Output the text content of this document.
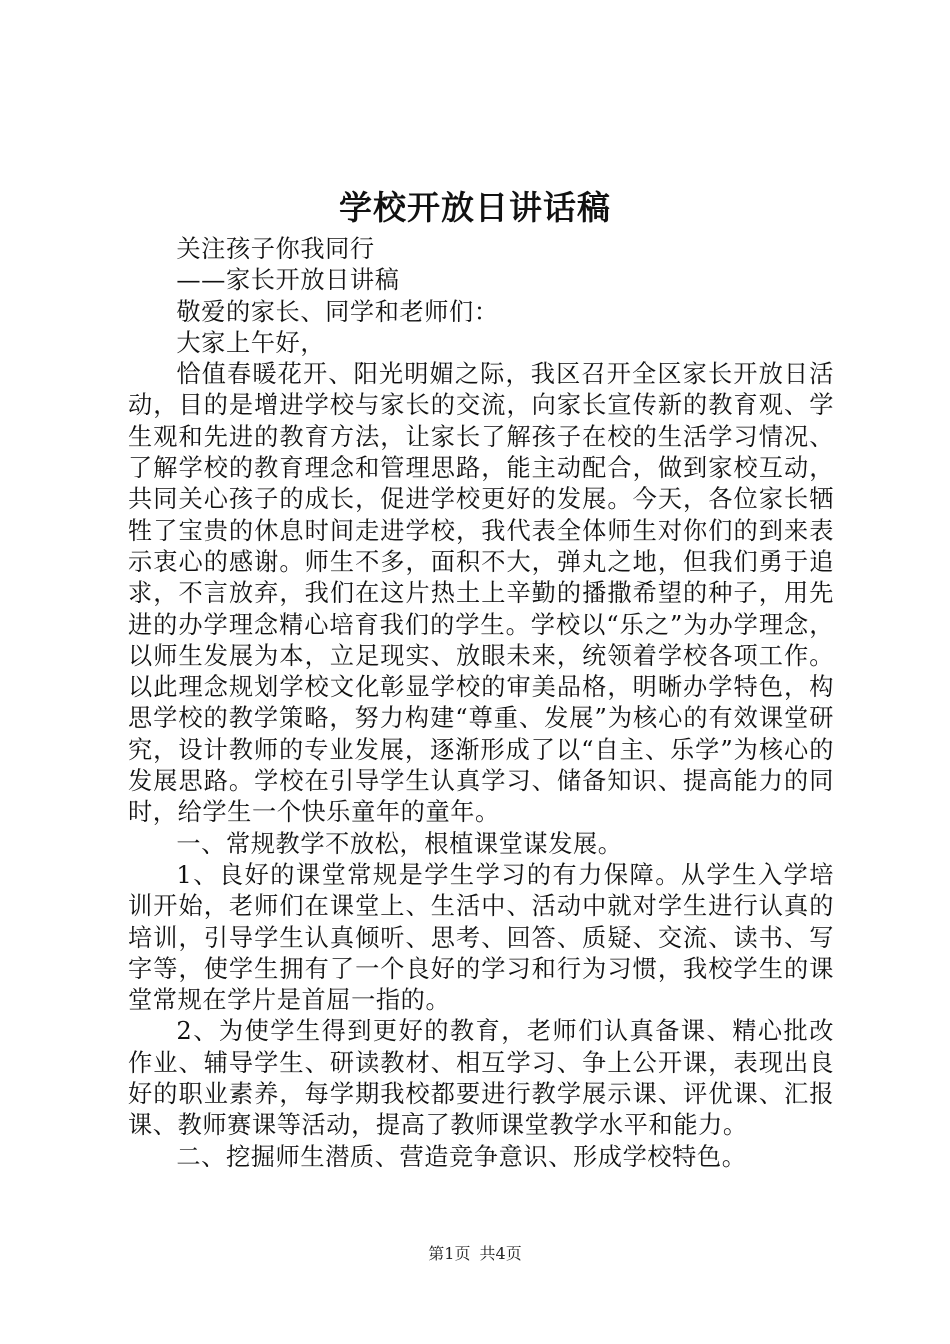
学校开放日讲话稿

关注孩子你我同行

——家长开放日讲稿

敬爱的家长、同学和老师们：

大家上午好，

恰值春暖花开、阳光明媚之际，我区召开全区家长开放日活动，目的是增进学校与家长的交流，向家长宣传新的教育观、学生观和先进的教育方法，让家长了解孩子在校的生活学习情况、了解学校的教育理念和管理思路，能主动配合，做到家校互动，共同关心孩子的成长，促进学校更好的发展。今天，各位家长牺牲了宝贵的休息时间走进学校，我代表全体师生对你们的到来表示衷心的感谢。师生不多，面积不大，弹丸之地，但我们勇于追求，不言放弃，我们在这片热土上辛勤的播撒希望的种子，用先进的办学理念精心培育我们的学生。学校以“乐之”为办学理念，以师生发展为本，立足现实、放眼未来，统领着学校各项工作。以此理念规划学校文化彰显学校的审美品格，明晰办学特色，构思学校的教学策略，努力构建“尊重、发展”为核心的有效课堂研究，设计教师的专业发展，逐渐形成了以“自主、乐学”为核心的发展思路。学校在引导学生认真学习、储备知识、提高能力的同时，给学生一个快乐童年的童年。

一、常规教学不放松，根植课堂谋发展。

1、良好的课堂常规是学生学习的有力保障。从学生入学培训开始，老师们在课堂上、生活中、活动中就对学生进行认真的培训，引导学生认真倾听、思考、回答、质疑、交流、读书、写字等，使学生拥有了一个良好的学习和行为习惯，我校学生的课堂常规在学片是首屈一指的。

2、为使学生得到更好的教育，老师们认真备课、精心批改作业、辅导学生、研读教材、相互学习、争上公开课，表现出良好的职业素养，每学期我校都要进行教学展示课、评优课、汇报课、教师赛课等活动，提高了教师课堂教学水平和能力。

二、挖掘师生潜质、营造竞争意识、形成学校特色。

第1页 共4页
